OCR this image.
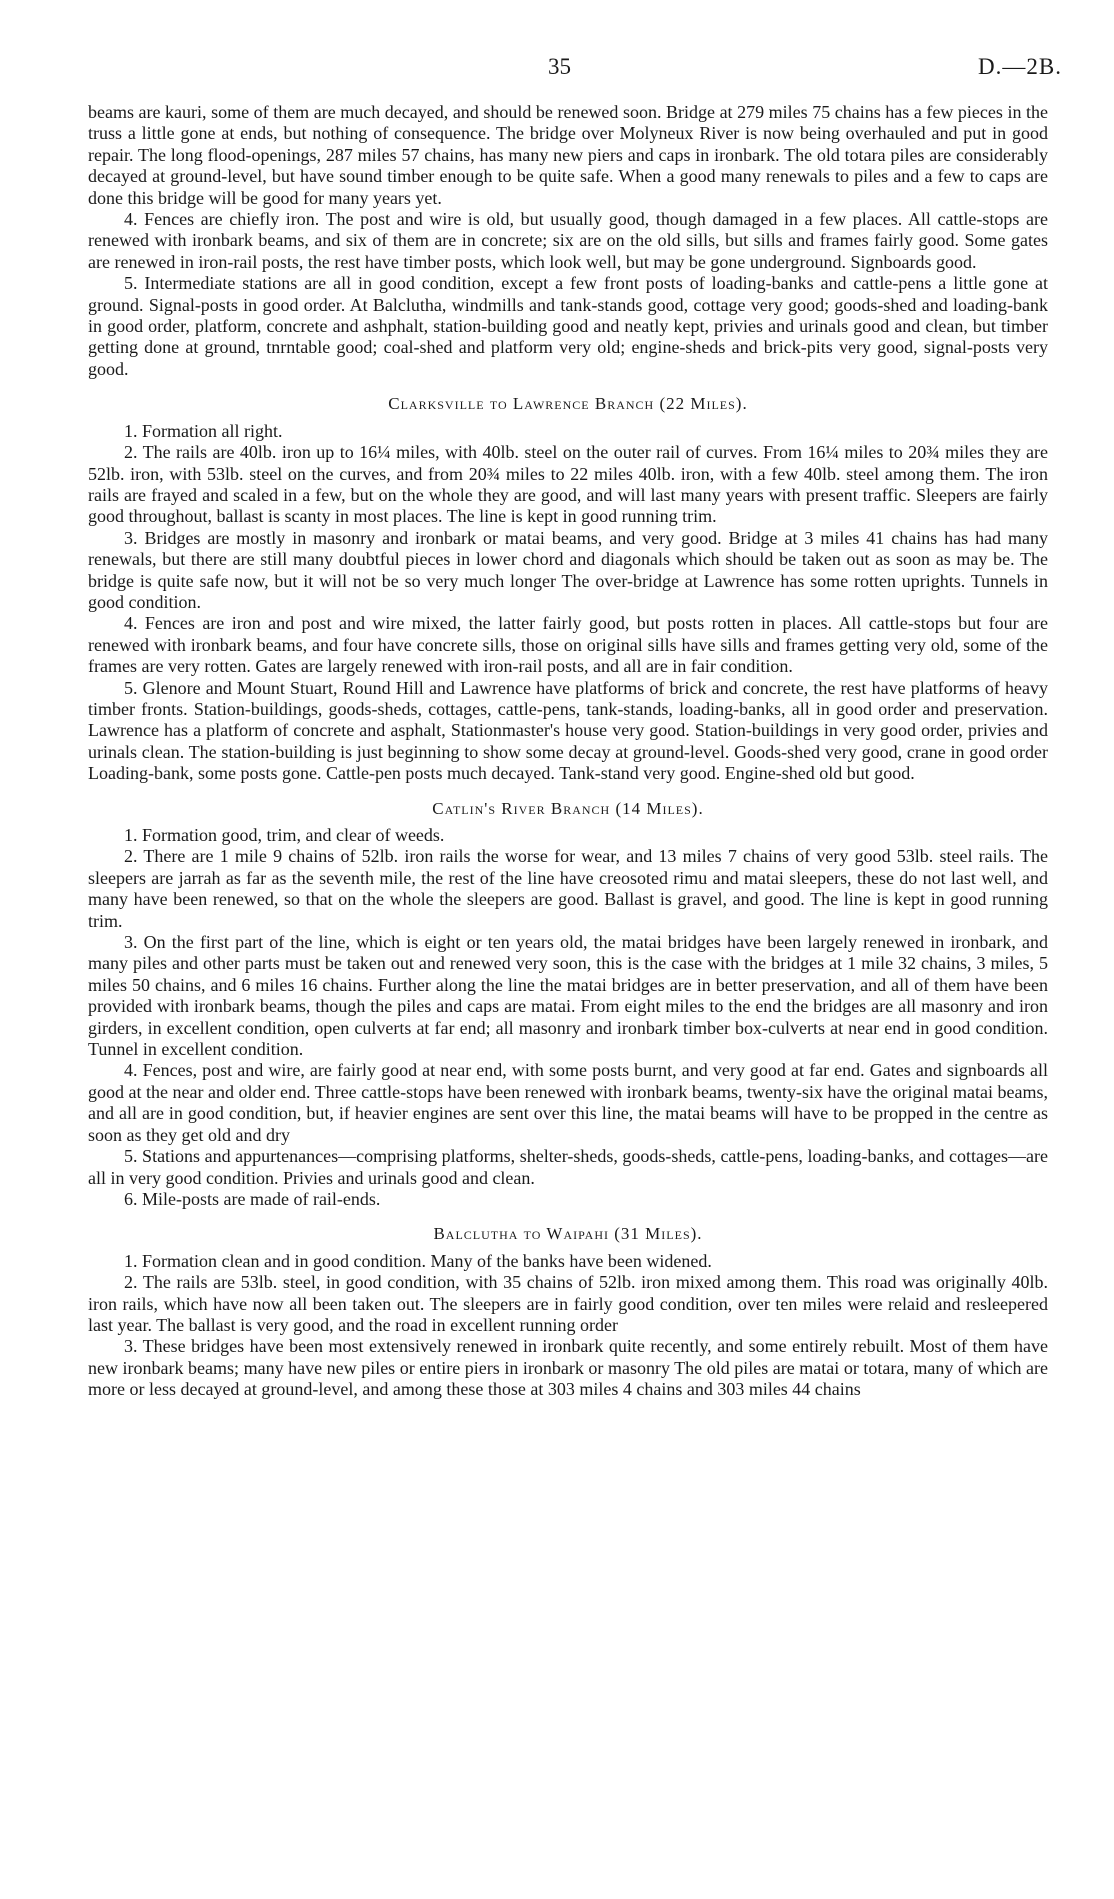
35	D.—2B.

beams are kauri, some of them are much decayed, and should be renewed soon. Bridge at 279 miles 75 chains has a few pieces in the truss a little gone at ends, but nothing of consequence. The bridge over Molyneux River is now being overhauled and put in good repair. The long flood-openings, 287 miles 57 chains, has many new piers and caps in ironbark. The old totara piles are considerably decayed at ground-level, but have sound timber enough to be quite safe. When a good many renewals to piles and a few to caps are done this bridge will be good for many years yet.

4. Fences are chiefly iron. The post and wire is old, but usually good, though damaged in a few places. All cattle-stops are renewed with ironbark beams, and six of them are in concrete; six are on the old sills, but sills and frames fairly good. Some gates are renewed in iron-rail posts, the rest have timber posts, which look well, but may be gone underground. Signboards good.

5. Intermediate stations are all in good condition, except a few front posts of loading-banks and cattle-pens a little gone at ground. Signal-posts in good order. At Balclutha, windmills and tank-stands good, cottage very good; goods-shed and loading-bank in good order, platform, concrete and ashphalt, station-building good and neatly kept, privies and urinals good and clean, but timber getting done at ground, tnrntable good; coal-shed and platform very old; engine-sheds and brick-pits very good, signal-posts very good.

Clarksville to Lawrence Branch (22 Miles).

1. Formation all right.

2. The rails are 40lb. iron up to 16¼ miles, with 40lb. steel on the outer rail of curves. From 16¼ miles to 20¾ miles they are 52lb. iron, with 53lb. steel on the curves, and from 20¾ miles to 22 miles 40lb. iron, with a few 40lb. steel among them. The iron rails are frayed and scaled in a few, but on the whole they are good, and will last many years with present traffic. Sleepers are fairly good throughout, ballast is scanty in most places. The line is kept in good running trim.

3. Bridges are mostly in masonry and ironbark or matai beams, and very good. Bridge at 3 miles 41 chains has had many renewals, but there are still many doubtful pieces in lower chord and diagonals which should be taken out as soon as may be. The bridge is quite safe now, but it will not be so very much longer The over-bridge at Lawrence has some rotten uprights. Tunnels in good condition.

4. Fences are iron and post and wire mixed, the latter fairly good, but posts rotten in places. All cattle-stops but four are renewed with ironbark beams, and four have concrete sills, those on original sills have sills and frames getting very old, some of the frames are very rotten. Gates are largely renewed with iron-rail posts, and all are in fair condition.

5. Glenore and Mount Stuart, Round Hill and Lawrence have platforms of brick and concrete, the rest have platforms of heavy timber fronts. Station-buildings, goods-sheds, cottages, cattle-pens, tank-stands, loading-banks, all in good order and preservation. Lawrence has a platform of concrete and asphalt, Stationmaster's house very good. Station-buildings in very good order, privies and urinals clean. The station-building is just beginning to show some decay at ground-level. Goods-shed very good, crane in good order Loading-bank, some posts gone. Cattle-pen posts much decayed. Tank-stand very good. Engine-shed old but good.

Catlin's River Branch (14 Miles).

1. Formation good, trim, and clear of weeds.

2. There are 1 mile 9 chains of 52lb. iron rails the worse for wear, and 13 miles 7 chains of very good 53lb. steel rails. The sleepers are jarrah as far as the seventh mile, the rest of the line have creosoted rimu and matai sleepers, these do not last well, and many have been renewed, so that on the whole the sleepers are good. Ballast is gravel, and good. The line is kept in good running trim.

3. On the first part of the line, which is eight or ten years old, the matai bridges have been largely renewed in ironbark, and many piles and other parts must be taken out and renewed very soon, this is the case with the bridges at 1 mile 32 chains, 3 miles, 5 miles 50 chains, and 6 miles 16 chains. Further along the line the matai bridges are in better preservation, and all of them have been provided with ironbark beams, though the piles and caps are matai. From eight miles to the end the bridges are all masonry and iron girders, in excellent condition, open culverts at far end; all masonry and ironbark timber box-culverts at near end in good condition. Tunnel in excellent condition.

4. Fences, post and wire, are fairly good at near end, with some posts burnt, and very good at far end. Gates and signboards all good at the near and older end. Three cattle-stops have been renewed with ironbark beams, twenty-six have the original matai beams, and all are in good condition, but, if heavier engines are sent over this line, the matai beams will have to be propped in the centre as soon as they get old and dry

5. Stations and appurtenances—comprising platforms, shelter-sheds, goods-sheds, cattle-pens, loading-banks, and cottages—are all in very good condition. Privies and urinals good and clean.

6. Mile-posts are made of rail-ends.

Balclutha to Waipahi (31 Miles).

1. Formation clean and in good condition. Many of the banks have been widened.

2. The rails are 53lb. steel, in good condition, with 35 chains of 52lb. iron mixed among them. This road was originally 40lb. iron rails, which have now all been taken out. The sleepers are in fairly good condition, over ten miles were relaid and resleepered last year. The ballast is very good, and the road in excellent running order

3. These bridges have been most extensively renewed in ironbark quite recently, and some entirely rebuilt. Most of them have new ironbark beams; many have new piles or entire piers in ironbark or masonry The old piles are matai or totara, many of which are more or less decayed at ground-level, and among these those at 303 miles 4 chains and 303 miles 44 chains
